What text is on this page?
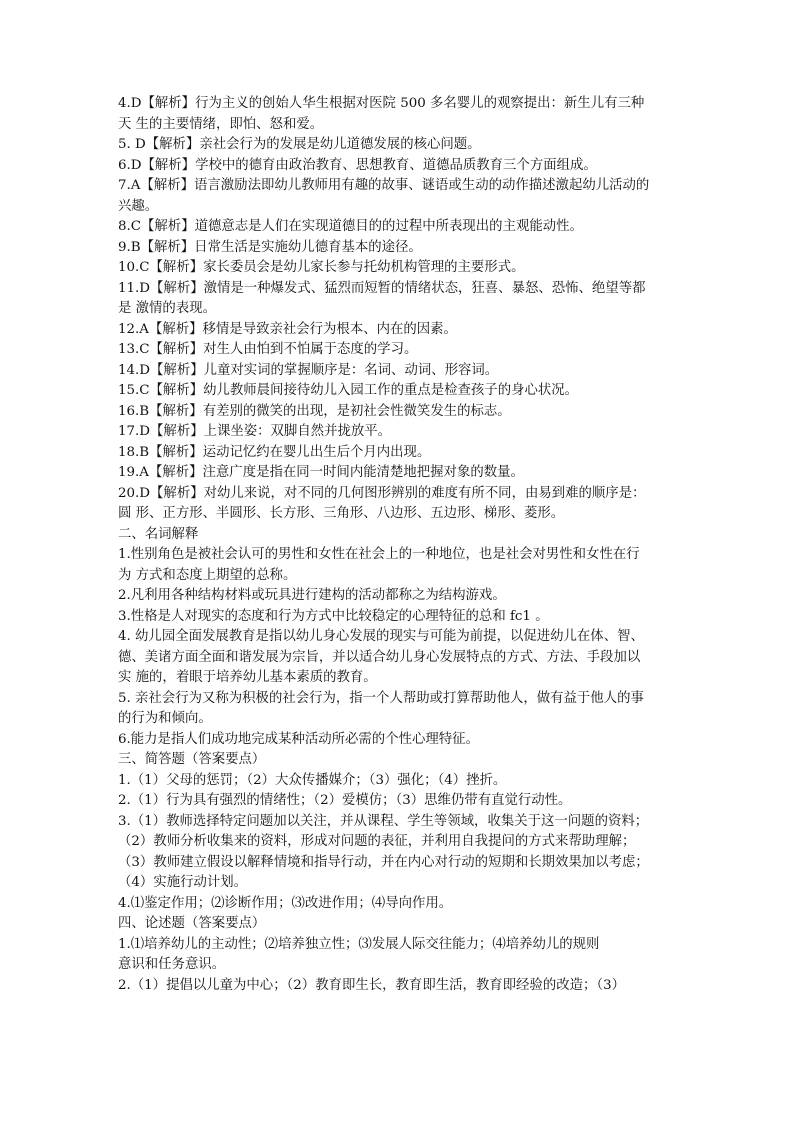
4.D【解析】行为主义的创始人华生根据对医院 500 多名婴儿的观察提出：新生儿有三种

天 生的主要情绪，即怕、怒和爱。

5. D【解析】亲社会行为的发展是幼儿道德发展的核心问题。

6.D【解析】学校中的德育由政治教育、思想教育、道德品质教育三个方面组成。

7.A【解析】语言激励法即幼儿教师用有趣的故事、谜语或生动的动作描述激起幼儿活动的

兴趣。

8.C【解析】道德意志是人们在实现道德目的的过程中所表现出的主观能动性。

9.B【解析】日常生活是实施幼儿德育基本的途径。

10.C【解析】家长委员会是幼儿家长参与托幼机构管理的主要形式。

11.D【解析】激情是一种爆发式、猛烈而短暂的情绪状态，狂喜、暴怒、恐怖、绝望等都

是 激情的表现。

12.A【解析】移情是导致亲社会行为根本、内在的因素。

13.C【解析】对生人由怕到不怕属于态度的学习。

14.D【解析】儿童对实词的掌握顺序是：名词、动词、形容词。

15.C【解析】幼儿教师晨间接待幼儿入园工作的重点是检查孩子的身心状况。

16.B【解析】有差别的微笑的出现，是初社会性微笑发生的标志。

17.D【解析】上课坐姿：双脚自然并拢放平。

18.B【解析】运动记忆约在婴儿出生后个月内出现。

19.A【解析】注意广度是指在同一时间内能清楚地把握对象的数量。

20.D【解析】对幼儿来说，对不同的几何图形辨别的难度有所不同，由易到难的顺序是：

圆 形、正方形、半圆形、长方形、三角形、八边形、五边形、梯形、菱形。

二、名词解释

1.性别角色是被社会认可的男性和女性在社会上的一种地位，也是社会对男性和女性在行

为 方式和态度上期望的总称。

2.凡利用各种结构材料或玩具进行建构的活动都称之为结构游戏。

3.性格是人对现实的态度和行为方式中比较稳定的心理特征的总和 fc1 。

4. 幼儿园全面发展教育是指以幼儿身心发展的现实与可能为前提，以促进幼儿在体、智、

德、美诸方面全面和谐发展为宗旨，并以适合幼儿身心发展特点的方式、方法、手段加以

实 施的，着眼于培养幼儿基本素质的教育。

5. 亲社会行为又称为积极的社会行为，指一个人帮助或打算帮助他人，做有益于他人的事

的行为和倾向。

6.能力是指人们成功地完成某种活动所必需的个性心理特征。

三、简答题（答案要点）

1.（1）父母的惩罚；（2）大众传播媒介；（3）强化；（4）挫折。

2.（1）行为具有强烈的情绪性；（2）爱模仿；（3）思维仍带有直觉行动性。

3.（1）教师选择特定问题加以关注，并从课程、学生等领域，收集关于这一问题的资料；

（2）教师分析收集来的资料，形成对问题的表征，并利用自我提问的方式来帮助理解；

（3）教师建立假设以解释情境和指导行动，并在内心对行动的短期和长期效果加以考虑；

（4）实施行动计划。

4.⑴鉴定作用；⑵诊断作用；⑶改进作用；⑷导向作用。

四、论述题（答案要点）

1.⑴培养幼儿的主动性；⑵培养独立性；⑶发展人际交往能力；⑷培养幼儿的规则

意识和任务意识。

2.（1）提倡以儿童为中心；（2）教育即生长，教育即生活，教育即经验的改造；（3）
